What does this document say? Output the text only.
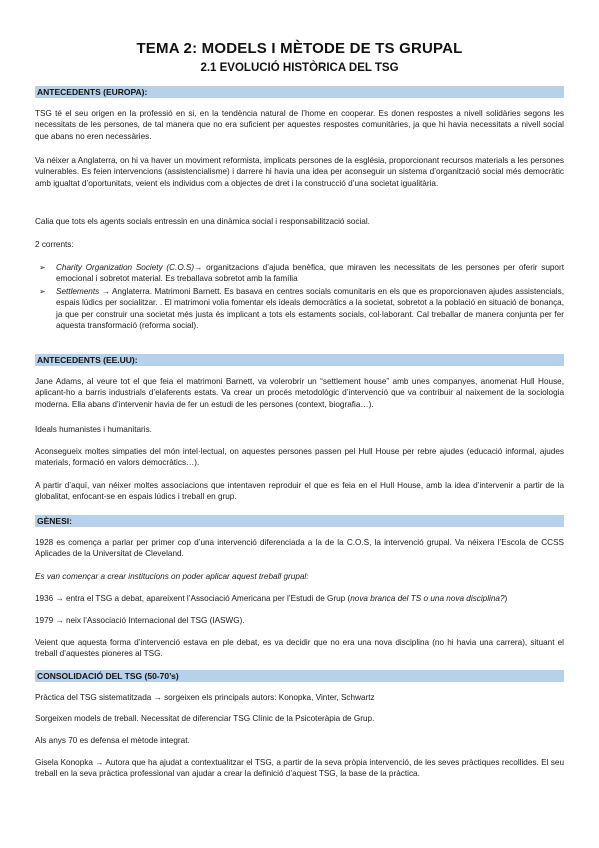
TEMA 2: MODELS I MÈTODE DE TS GRUPAL
2.1 EVOLUCIÓ HISTÒRICA DEL TSG
ANTECEDENTS (EUROPA):

TSG té el seu origen en la professió en si, en la tendència natural de l’home en cooperar. Es donen respostes a nivell solidàries segons les necessitats de les persones, de tal manera que no era suficient per aquestes respostes comunitàries, ja que hi havia necessitats a nivell social que abans no eren necessàries.

Va néixer a Anglaterra, on hi va haver un moviment reformista, implicats persones de la església, proporcionant recursos materials a les persones vulnerables. Es feien intervencions (assistencialisme) i darrere hi havia una idea per aconseguir un sistema d’organització social més democràtic amb igualtat d’oportunitats, veient els individus com a objectes de dret i la construcció d’una societat igualitària.

Calia que tots els agents socials entressin en una dinàmica social i responsabilització social.

2 corrents:

➢ Charity Organization Society (C.O.S)→ organitzacions d’ajuda benèfica, que miraven les necessitats de les persones per oferir suport emocional i sobretot material. Es treballava sobretot amb la família
➢ Settlements → Anglaterra. Matrimoni Barnett. Es basava en centres socials comunitaris en els que es proporcionaven ajudes assistencials, espais lúdics per socialitzar. . El matrimoni volia fomentar els ideals democràtics a la societat, sobretot a la població en situació de bonança, ja que per construir una societat més justa és implicant a tots els estaments socials, col·laborant. Cal treballar de manera conjunta per fer aquesta transformació (reforma social).
ANTECEDENTS (EE.UU):

Jane Adams, al veure tot el que feia el matrimoni Barnett, va volerobrir un “settlement house” amb unes companyes, anomenat Hull House, aplicant-ho a barris industrials d’elaferents estats. Va crear un procés metodològic d’intervenció que va contribuir al naixement de la sociologia moderna. Ella abans d’intervenir havia de fer un estudi de les persones (context, biografia…).

Ideals humanistes i humanitaris.

Aconsegueix moltes simpaties del món intel·lectual, on aquestes persones passen pel Hull House per rebre ajudes (educació informal, ajudes materials, formació en valors democràtics…).

A partir d’aquí, van néixer moltes associacions que intentaven reproduir el que es feia en el Hull House, amb la idea d’intervenir a partir de la globalitat, enfocant-se en espais lúdics i treball en grup.

GÈNESI:

1928 es comença a parlar per primer cop d’una intervenció diferenciada a la de la C.O.S, la intervenció grupal. Va néixera l’Escola de CCSS Aplicades de la Universitat de Cleveland.

Es van començar a crear institucions on poder aplicar aquest treball grupal:

1936 → entra el TSG a debat, apareixent l’Associació Americana per l’Estudi de Grup (nova branca del TS o una nova disciplina?)

1979 → neix l’Associació Internacional del TSG (IASWG).

Veient que aquesta forma d’intervenció estava en ple debat, es va decidir que no era una nova disciplina (no hi havia una carrera), situant el treball d’aquestes pioneres al TSG.

CONSOLIDACIÓ DEL TSG (50-70’s)

Pràctica del TSG sistematitzada → sorgeixen els principals autors: Konopka, Vinter, Schwartz

Sorgeixen models de treball. Necessitat de diferenciar TSG Clínic de la Psicoteràpia de Grup.

Als anys 70 es defensa el mètode integrat.

Gisela Konopka → Autora que ha ajudat a contextualitzar el TSG, a partir de la seva pròpia intervenció, de les seves pràctiques recollides. El seu treball en la seva pràctica professional van ajudar a crear la definició d’aquest TSG, la base de la pràctica.
